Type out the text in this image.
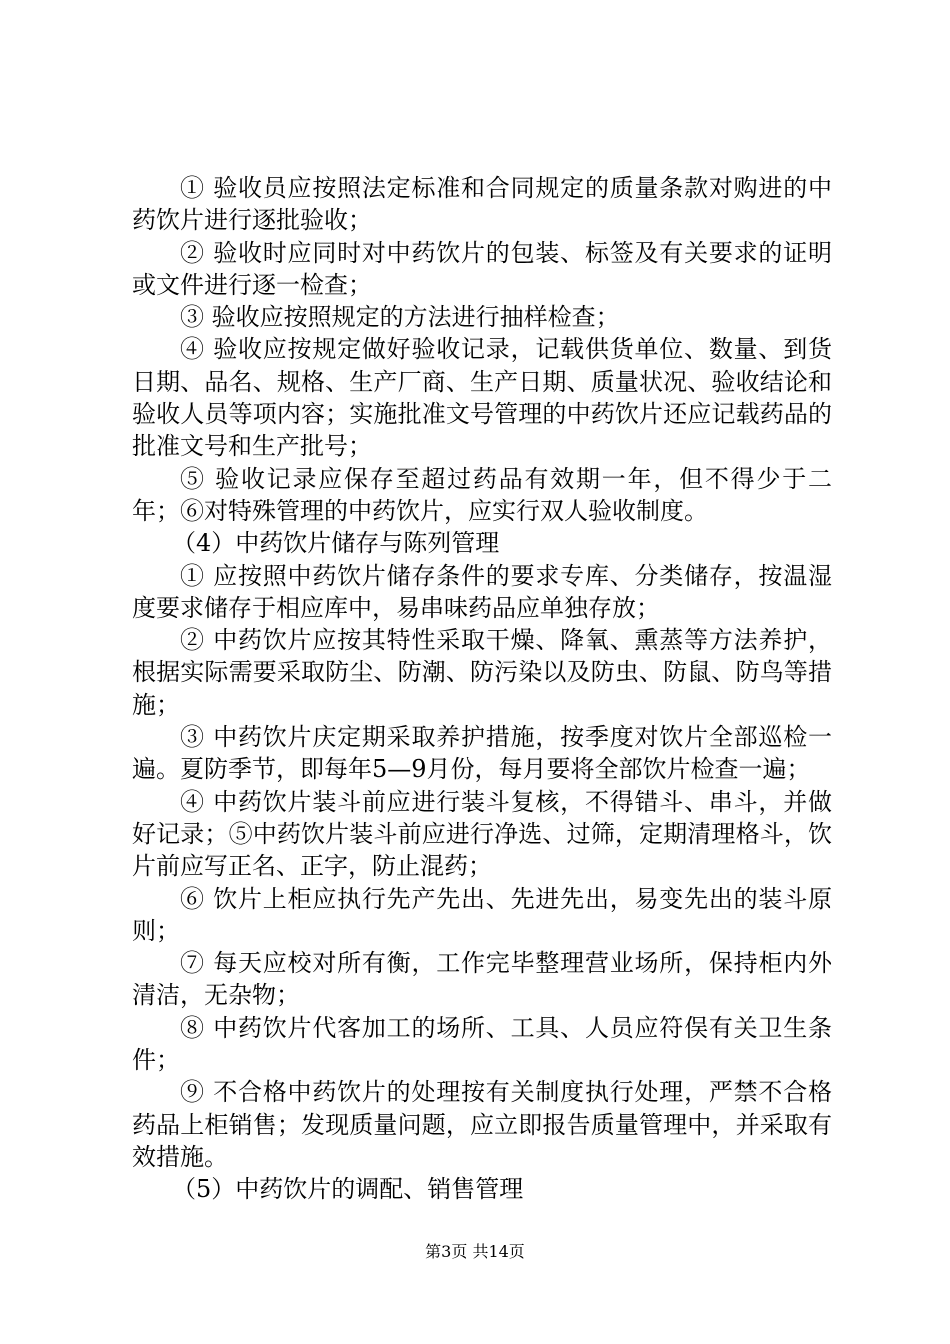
① 验收员应按照法定标准和合同规定的质量条款对购进的中药饮片进行逐批验收；

② 验收时应同时对中药饮片的包装、标签及有关要求的证明或文件进行逐一检查；

③ 验收应按照规定的方法进行抽样检查；

④ 验收应按规定做好验收记录，记载供货单位、数量、到货日期、品名、规格、生产厂商、生产日期、质量状况、验收结论和验收人员等项内容；实施批准文号管理的中药饮片还应记载药品的批准文号和生产批号；

⑤ 验收记录应保存至超过药品有效期一年，但不得少于二年；⑥对特殊管理的中药饮片，应实行双人验收制度。

（4）中药饮片储存与陈列管理

① 应按照中药饮片储存条件的要求专库、分类储存，按温湿度要求储存于相应库中，易串味药品应单独存放；

② 中药饮片应按其特性采取干燥、降氧、熏蒸等方法养护，根据实际需要采取防尘、防潮、防污染以及防虫、防鼠、防鸟等措施；

③ 中药饮片庆定期采取养护措施，按季度对饮片全部巡检一遍。夏防季节，即每年5—9月份，每月要将全部饮片检查一遍；

④ 中药饮片装斗前应进行装斗复核，不得错斗、串斗，并做好记录；⑤中药饮片装斗前应进行净选、过筛，定期清理格斗，饮片前应写正名、正字，防止混药；

⑥ 饮片上柜应执行先产先出、先进先出，易变先出的装斗原则；

⑦ 每天应校对所有衡，工作完毕整理营业场所，保持柜内外清洁，无杂物；

⑧ 中药饮片代客加工的场所、工具、人员应符俣有关卫生条件；

⑨ 不合格中药饮片的处理按有关制度执行处理，严禁不合格药品上柜销售；发现质量问题，应立即报告质量管理中，并采取有效措施。

（5）中药饮片的调配、销售管理

第3页 共14页
